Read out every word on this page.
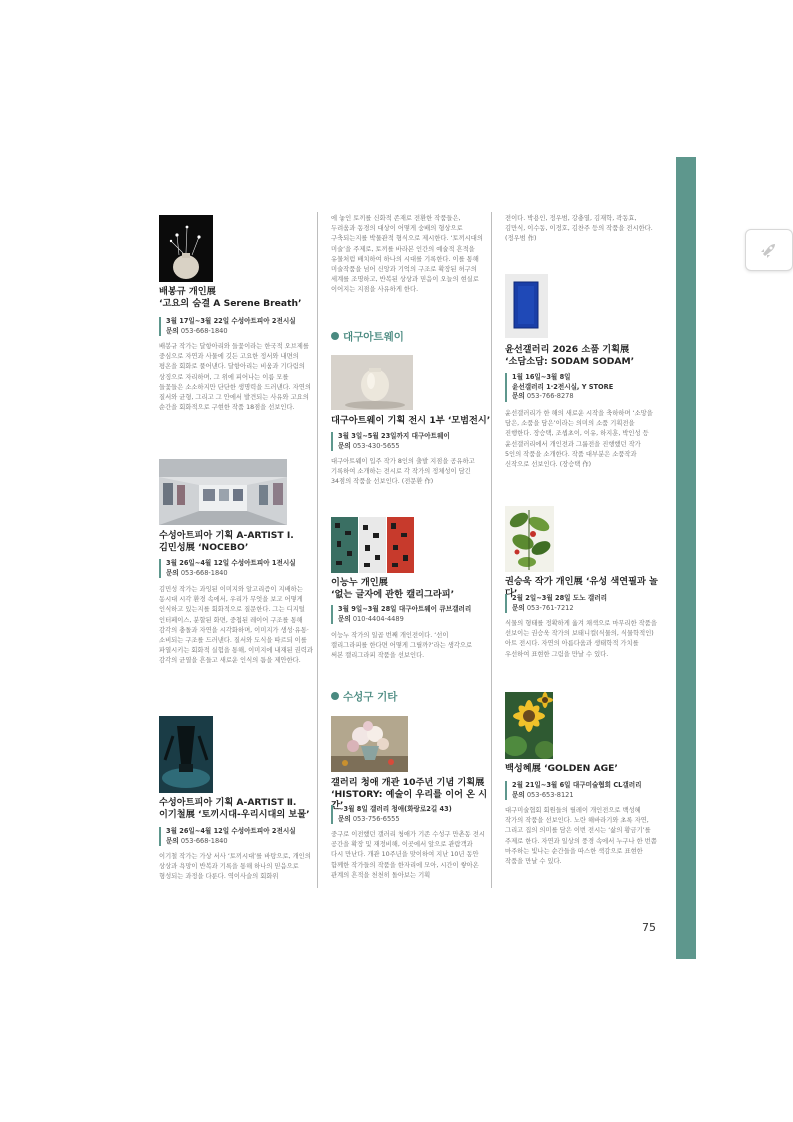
배봉규 개인展
‘고요의 숨결 A Serene Breath’
3월 17일~3월 22일 수성아트피아 2전시실
문의 053-668-1840

배봉규 작가는 달항아리와 들꽃이라는 한국적 오브제를 중심으로 자연과 사물에 깃든 고요한 정서와 내면의 평온을 회화로 풀어낸다. 달항아리는 비움과 기다림의 상징으로 자리하며, 그 위에 피어나는 이름 모를 들꽃들은 소소하지만 단단한 생명력을 드러낸다. 자연의 질서와 균형, 그리고 그 안에서 발견되는 사유와 고요의 순간을 회화적으로 구현한 작품 18점을 선보인다.

수성아트피아 기획 A-ARTIST Ⅰ.
김민성展 ‘NOCEBO’
3월 26일~4월 12일 수성아트피아 1전시실
문의 053-668-1840

김민성 작가는 과잉된 이미지와 알고리즘이 지배하는 동시대 시각 환경 속에서, 우리가 무엇을 보고 어떻게 인식하고 있는지를 회화적으로 질문한다. 그는 디지털 인터페이스, 분할된 화면, 중첩된 레이어 구조를 통해 감각의 충돌과 자연을 시각화하며, 이미지가 생성·유통·소비되는 구조를 드러낸다. 질서와 도식을 따르되 이를 파열시키는 회화적 실험을 통해, 이미지에 내재된 권력과 감각의 균열을 흔들고 새로운 인식의 틈을 제안한다.

수성아트피아 기획 A-ARTIST Ⅱ.
이기철展 ‘토끼시대-우리시대의 보물’
3월 26일~4월 12일 수성아트피아 2전시실
문의 053-668-1840

이기철 작가는 가상 서사 ‘토끼시대’를 바탕으로, 개인의 상상과 욕망이 반복과 기록을 통해 하나의 믿음으로 형성되는 과정을 다룬다. 역이사슬의 회화위

에 놓인 토끼를 신화적 존재로 전환한 작품들은, 두려움과 동경의 대상이 어떻게 숭배의 형상으로 구축되는지를 박물관적 형식으로 제시한다. ‘토끼시대의 미술’을 주제로, 토끼를 바라본 인간의 예술적 흔적을 유물처럼 배치하여 하나의 시대를 기록한다. 이를 통해 미술작품을 넘어 신앙과 기억의 구조로 확장된 허구의 세계를 조명하고, 반복된 상상과 믿음이 오늘의 현실로 이어지는 지점을 사유하게 한다.

대구아트웨이
대구아트웨이 기획 전시 1부 ‘모범전시’
3월 3일~5월 23일까지 대구아트웨이
문의 053-430-5655

대구아트웨이 입주 작가 8인의 출발 지점을 공유하고 기록하여 소개하는 전시로 각 작가의 정체성이 담긴 34점의 작품을 선보인다. (전문환 作)

이능누 개인展
‘없는 글자에 관한 캘리그라피’
3월 9일~3월 28일 대구아트웨이 큐브갤러리
문의 010-4404-4489

이능누 작가의 일곱 번째 개인전이다. ‘선이 캘리그라피를 한다면 어떻게 그릴까?’라는 생각으로 써본 캘리그라피 작품을 선보인다.

수성구 기타
갤러리 청애 개관 10주년 기념 기획展
‘HISTORY: 예술이 우리를 이어 온 시간’
~3월 8일 갤러리 청애(화랑로2길 43)
문의 053-756-6555

중구로 이전했던 갤러리 청애가 기존 수성구 만촌동 전시 공간을 확장 및 재정비해, 이곳에서 앞으로 관람객과 다시 만난다. 개관 10주년을 맞이하여 지난 10년 동안 함께한 작가들의 작품을 한자리에 모아, 시간이 쌓아온 관계의 흔적을 천천히 돌아보는 기획

전이다. 박용인, 정우범, 강충열, 김재학, 곽동효, 김만식, 이수동, 이정호, 김찬주 등의 작품을 전시한다. (정우범 作)

윤선갤러리 2026 소품 기획展
‘소담소담: SODAM SODAM’
1월 16일~3월 8일
윤선갤러리 1·2전시실, Y STORE
문의 053-766-8278

윤선갤러리가 한 해의 새로운 시작을 축하하며 ‘소망을 담은, 소품을 담은’이라는 의미의 소품 기획전을 진행한다. 장승택, 조셉초이, 이유, 하지훈, 박인성 등 윤선갤러리에서 개인전과 그룹전을 진행했던 작가 5인의 작품을 소개한다. 작품 대부분은 소품작과 신작으로 선보인다. (장승택 作)

권승욱 작가 개인展 ‘유성 색연필과 놀다’
2월 2일~3월 28일 도노 갤러리
문의 053-761-7212

식물의 형태를 정확하게 옮겨 채색으로 마무리한 작품을 선보이는 권승욱 작가의 보태니컬(식물의, 식물학적인) 아트 전시다. 자연의 아름다움과 생태학적 가치를 우선하여 표현한 그림을 만날 수 있다.

백성혜展 ‘GOLDEN AGE’
2월 21일~3월 6일 대구미술협회 CL갤러리
문의 053-653-8121

대구미술협회 회원들의 릴레이 개인전으로 백성혜 작가의 작품을 선보인다. 노란 해바라기와 초록 자연, 그리고 집의 의미를 담은 이번 전시는 ‘삶의 황금기’를 주제로 한다. 자연과 일상의 풍경 속에서 누구나 한 번쯤 마주하는 빛나는 순간들을 따스한 색감으로 표현한 작품을 만날 수 있다.

75
